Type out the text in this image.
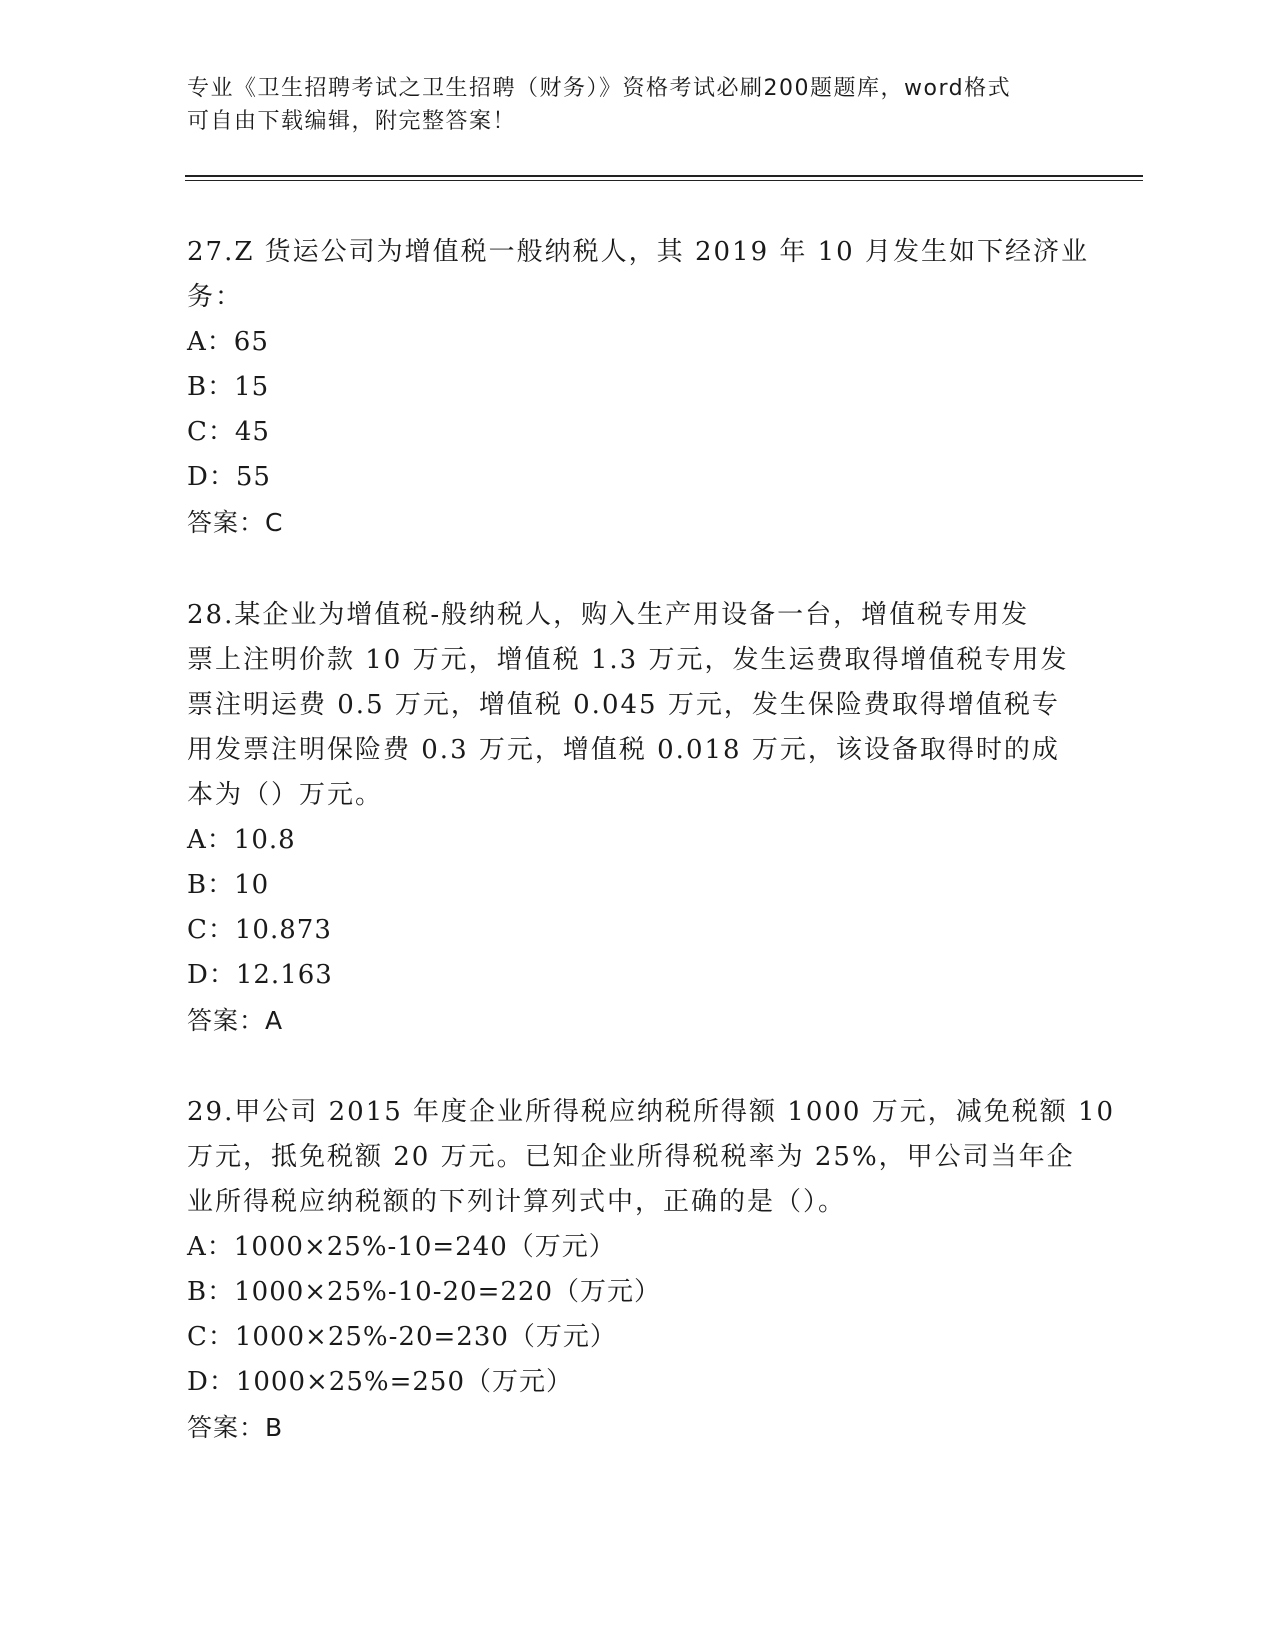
专业《卫生招聘考试之卫生招聘（财务）》资格考试必刷200题题库，word格式
可自由下载编辑，附完整答案！
27.Z 货运公司为增值税一般纳税人，其 2019 年 10 月发生如下经济业
务：
A：65
B：15
C：45
D：55
答案：C
28.某企业为增值税-般纳税人，购入生产用设备一台，增值税专用发
票上注明价款 10 万元，增值税 1.3 万元，发生运费取得增值税专用发
票注明运费 0.5 万元，增值税 0.045 万元，发生保险费取得增值税专
用发票注明保险费 0.3 万元，增值税 0.018 万元，该设备取得时的成
本为（）万元。
A：10.8
B：10
C：10.873
D：12.163
答案：A
29.甲公司 2015 年度企业所得税应纳税所得额 1000 万元，减免税额 10
万元，抵免税额 20 万元。已知企业所得税税率为 25%，甲公司当年企
业所得税应纳税额的下列计算列式中，正确的是（）。
A：1000×25%-10=240（万元）
B：1000×25%-10-20=220（万元）
C：1000×25%-20=230（万元）
D：1000×25%=250（万元）
答案：B
